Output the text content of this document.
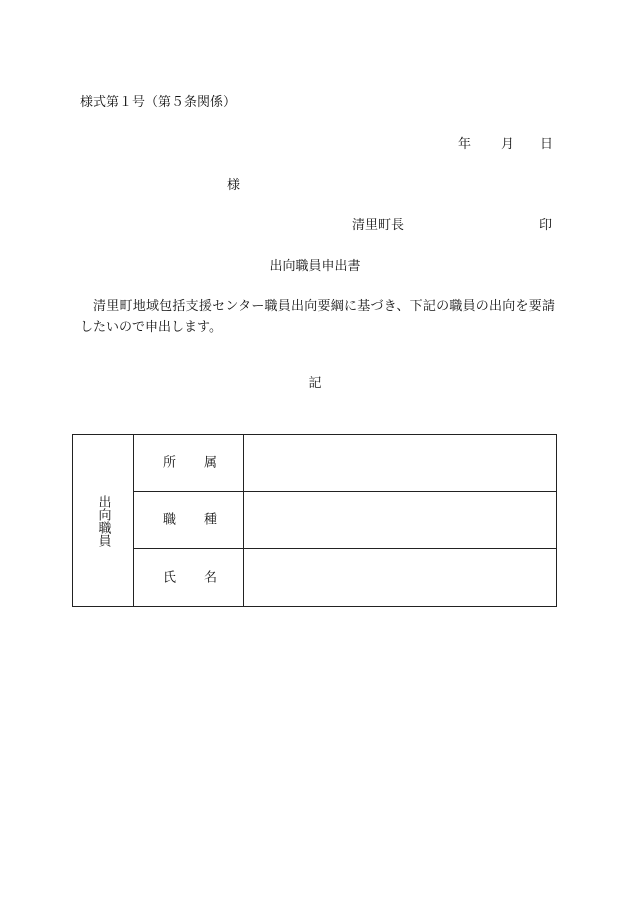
様式第１号（第５条関係）
年 月 日
様
清里町長	印
出向職員申出書
清里町地域包括支援センター職員出向要綱に基づき、下記の職員の出向を要請したいので申出します。
記
出向職員
所 属
職 種
氏 名
